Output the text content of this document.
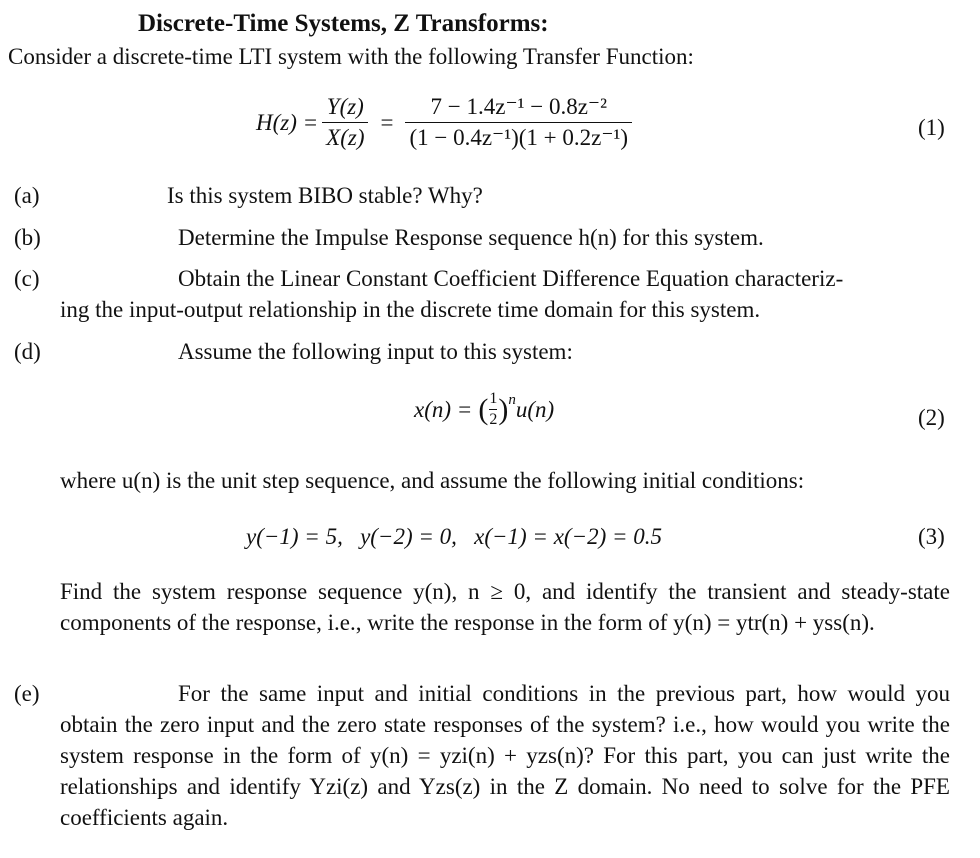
Discrete-Time Systems, Z Transforms:
Consider a discrete-time LTI system with the following Transfer Function:
$H(z) = \frac{Y(z)}{X(z)} = \frac{\text{7 − 1.4z⁻¹ − 0.8z⁻²}}{\text{(1 − 0.4z⁻¹)(1 + 0.2z⁻¹)}}$	(1)
(a)	Is this system BIBO stable? Why?
(b)	Determine the Impulse Response sequence h(n) for this system.
(c)	Obtain the Linear Constant Coefficient Difference Equation characteriz-
ing the input-output relationship in the discrete time domain for this system.
(d)	Assume the following input to this system:
x(n) = ( 1
2 ) n u(n)	(2)
where u(n) is the unit step sequence, and assume the following initial conditions:
y(−1) = 5,   y(−2) = 0,   x(−1) = x(−2) = 0.5	(3)
Find the system response sequence y(n), n ≥ 0, and identify the transient and steady-state components of the response, i.e., write the response in the form of y(n) = ytr(n) + yss(n).
(e)	For the same input and initial conditions in the previous part, how would you obtain the zero input and the zero state responses of the system? i.e., how would you write the system response in the form of y(n) = yzi(n) + yzs(n)? For this part, you can just write the relationships and identify Yzi(z) and Yzs(z) in the Z domain. No need to solve for the PFE coefficients again.
